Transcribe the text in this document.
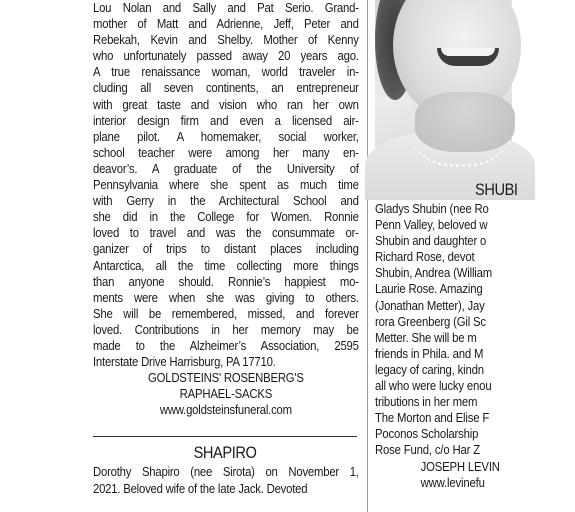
Lou Nolan and Sally and Pat Serio. Grand-
mother of Matt and Adrienne, Jeff, Peter and
Rebekah, Kevin and Shelby. Mother of Kenny
who unfortunately passed away 20 years ago.
A true renaissance woman, world traveler in-
cluding all seven continents, an entrepreneur
with great taste and vision who ran her own
interior design firm and even a licensed air-
plane pilot. A homemaker, social worker,
school teacher were among her many en-
deavor’s. A graduate of the University of
Pennsylvania where she spent as much time
with Gerry in the Architectural School and
she did in the College for Women. Ronnie
loved to travel and was the consummate or-
ganizer of trips to distant places including
Antarctica, all the time collecting more things
than anyone should. Ronnie’s happiest mo-
ments were when she was giving to others.
She will be remembered, missed, and forever
loved. Contributions in her memory may be
made to the Alzheimer’s Association, 2595
Interstate Drive Harrisburg, PA 17710.
GOLDSTEINS' ROSENBERG'S
RAPHAEL-SACKS
www.goldsteinsfuneral.com
SHAPIRO
Dorothy Shapiro (nee Sirota) on November 1,
2021. Beloved wife of the late Jack. Devoted
SHUBI
Gladys Shubin (nee Ro
Penn Valley, beloved w
Shubin and daughter o
Richard Rose, devot
Shubin, Andrea (William
Laurie Rose. Amazing
(Jonathan Metter), Jay
rora Greenberg (Gil Sc
Metter. She will be m
friends in Phila. and M
legacy of caring, kindn
all who were lucky enou
tributions in her mem
The Morton and Elise F
Poconos Scholarship
Rose Fund, c/o Har Z
JOSEPH LEVIN
www.levinefu
